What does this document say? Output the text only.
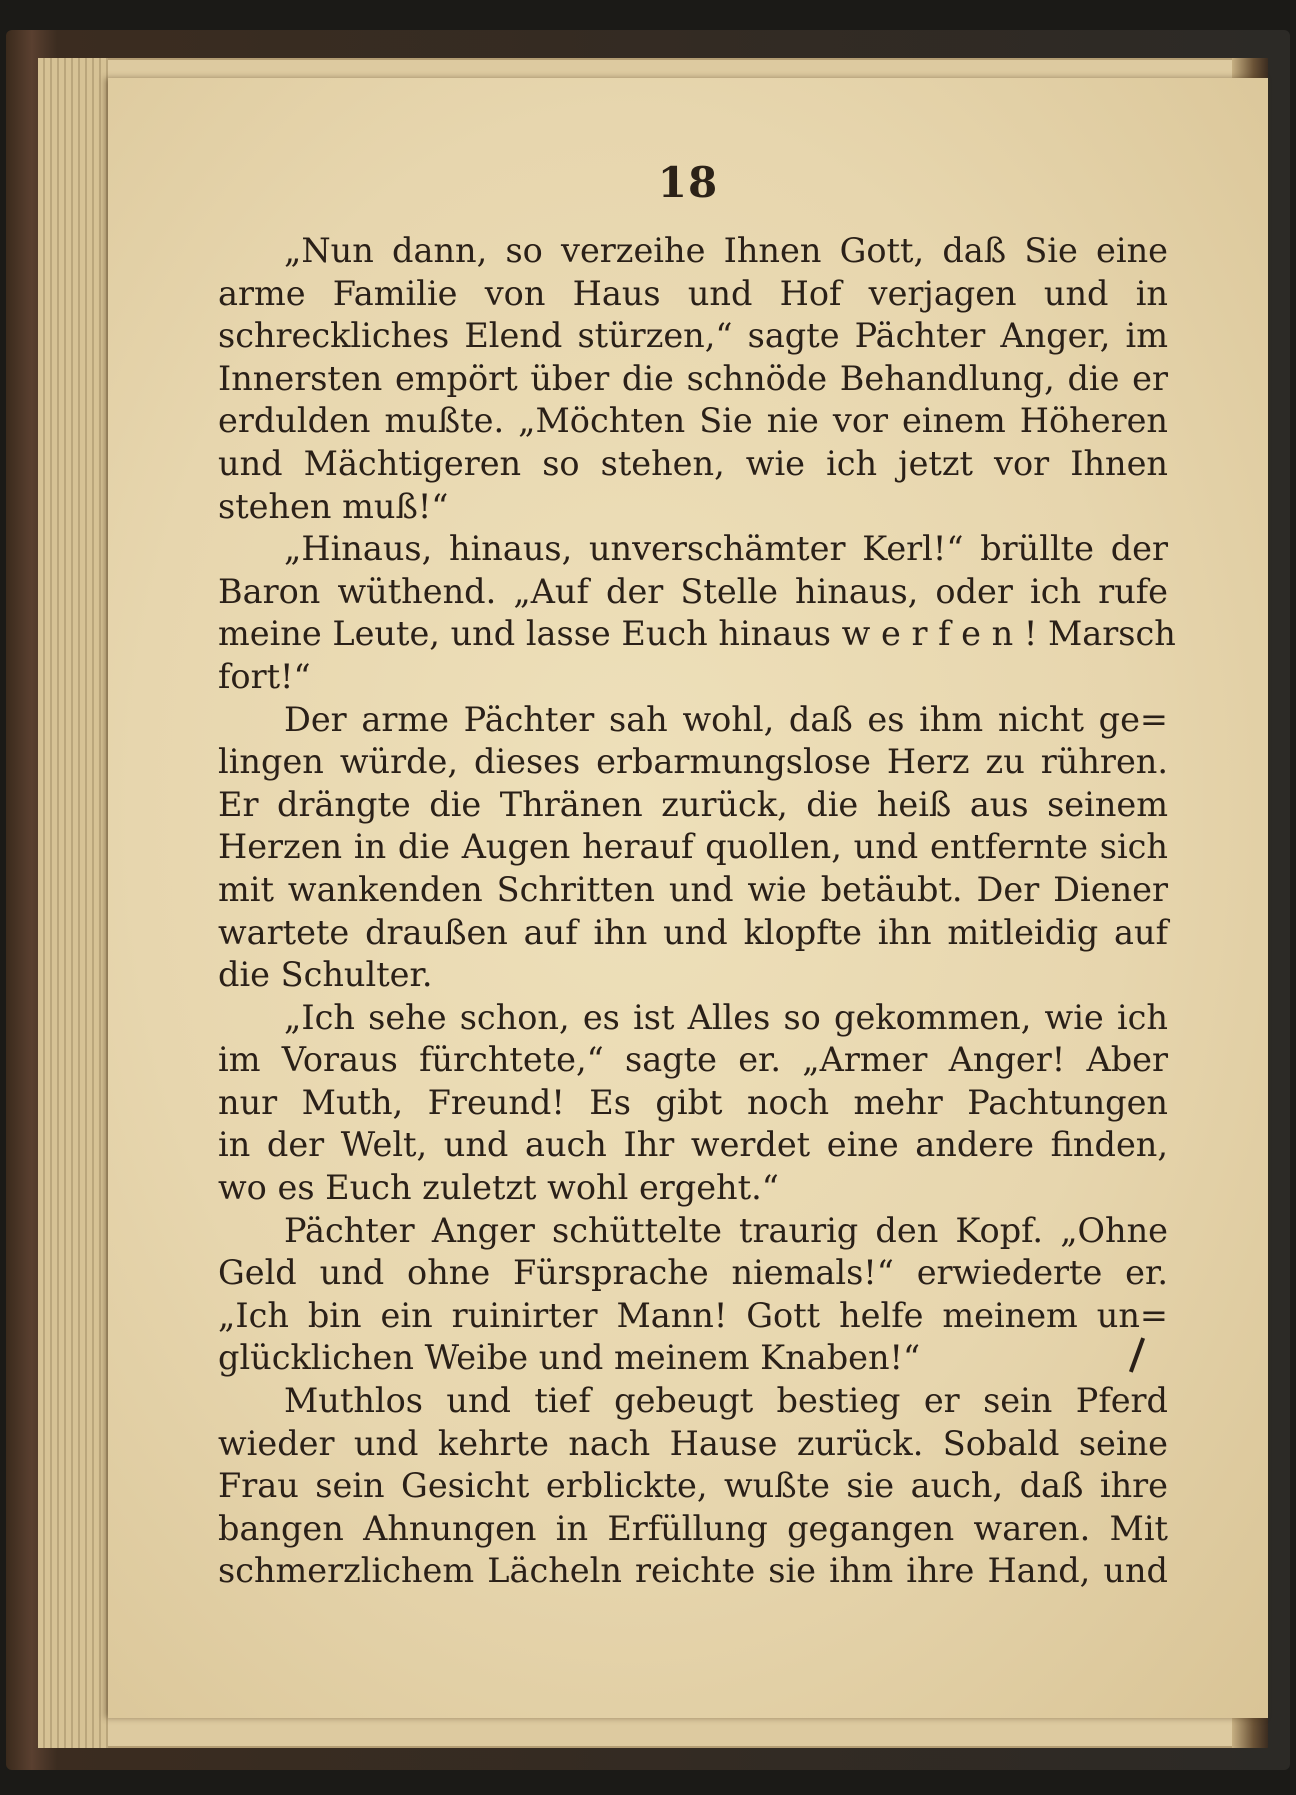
18
„Nun dann, so verzeihe Ihnen Gott, daß Sie eine
arme Familie von Haus und Hof verjagen und in
schreckliches Elend stürzen,“ sagte Pächter Anger, im
Innersten empört über die schnöde Behandlung, die er
erdulden mußte. „Möchten Sie nie vor einem Höheren
und Mächtigeren so stehen, wie ich jetzt vor Ihnen
stehen muß!“
„Hinaus, hinaus, unverschämter Kerl!“ brüllte der
Baron wüthend. „Auf der Stelle hinaus, oder ich rufe
meine Leute, und lasse Euch hinaus w e r f e n ! Marsch
fort!“
Der arme Pächter sah wohl, daß es ihm nicht ge=
lingen würde, dieses erbarmungslose Herz zu rühren.
Er drängte die Thränen zurück, die heiß aus seinem
Herzen in die Augen herauf quollen, und entfernte sich
mit wankenden Schritten und wie betäubt. Der Diener
wartete draußen auf ihn und klopfte ihn mitleidig auf
die Schulter.
„Ich sehe schon, es ist Alles so gekommen, wie ich
im Voraus fürchtete,“ sagte er. „Armer Anger! Aber
nur Muth, Freund! Es gibt noch mehr Pachtungen
in der Welt, und auch Ihr werdet eine andere finden,
wo es Euch zuletzt wohl ergeht.“
Pächter Anger schüttelte traurig den Kopf. „Ohne
Geld und ohne Fürsprache niemals!“ erwiederte er.
„Ich bin ein ruinirter Mann! Gott helfe meinem un=
glücklichen Weibe und meinem Knaben!“
Muthlos und tief gebeugt bestieg er sein Pferd
wieder und kehrte nach Hause zurück. Sobald seine
Frau sein Gesicht erblickte, wußte sie auch, daß ihre
bangen Ahnungen in Erfüllung gegangen waren. Mit
schmerzlichem Lächeln reichte sie ihm ihre Hand, und
